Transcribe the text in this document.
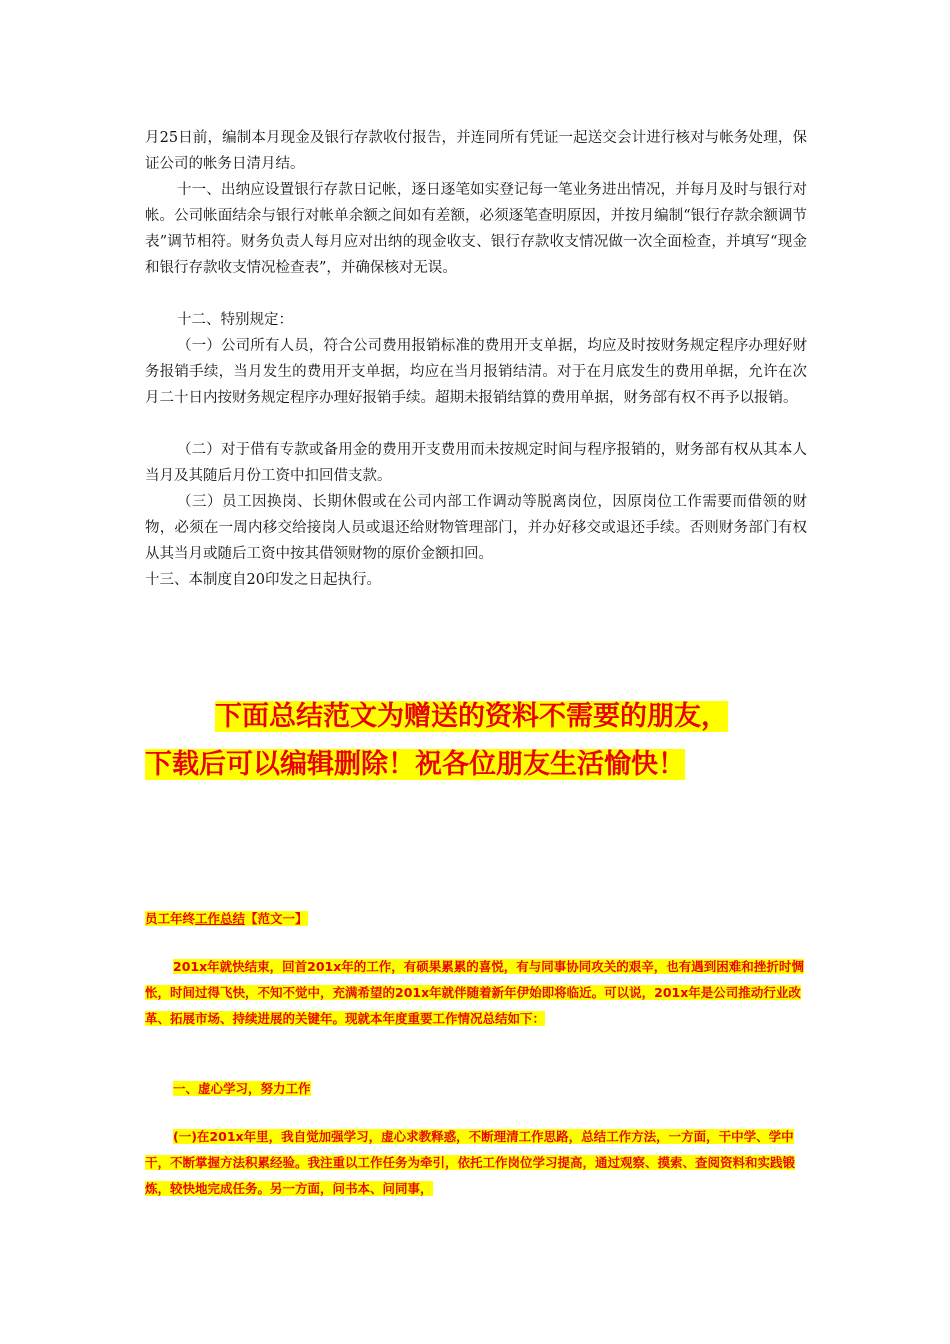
月25日前，编制本月现金及银行存款收付报告，并连同所有凭证一起送交会计进行核对与帐务处理，保证公司的帐务日清月结。

十一、出纳应设置银行存款日记帐，逐日逐笔如实登记每一笔业务进出情况，并每月及时与银行对帐。公司帐面结余与银行对帐单余额之间如有差额，必须逐笔查明原因，并按月编制“银行存款余额调节表”调节相符。财务负责人每月应对出纳的现金收支、银行存款收支情况做一次全面检查，并填写“现金和银行存款收支情况检查表”，并确保核对无误。

十二、特别规定：

（一）公司所有人员，符合公司费用报销标准的费用开支单据，均应及时按财务规定程序办理好财务报销手续，当月发生的费用开支单据，均应在当月报销结清。对于在月底发生的费用单据，允许在次月二十日内按财务规定程序办理好报销手续。超期未报销结算的费用单据，财务部有权不再予以报销。

（二）对于借有专款或备用金的费用开支费用而未按规定时间与程序报销的，财务部有权从其本人当月及其随后月份工资中扣回借支款。

（三）员工因换岗、长期休假或在公司内部工作调动等脱离岗位，因原岗位工作需要而借领的财物，必须在一周内移交给接岗人员或退还给财物管理部门，并办好移交或退还手续。否则财务部门有权从其当月或随后工资中按其借领财物的原价金额扣回。

十三、本制度自20印发之日起执行。

下面总结范文为赠送的资料不需要的朋友，

下载后可以编辑删除！祝各位朋友生活愉快！

员工年终工作总结【范文一】

201x年就快结束，回首201x年的工作，有硕果累累的喜悦，有与同事协同攻关的艰辛，也有遇到困难和挫折时惆怅，时间过得飞快，不知不觉中，充满希望的201x年就伴随着新年伊始即将临近。可以说，201x年是公司推动行业改革、拓展市场、持续进展的关键年。现就本年度重要工作情况总结如下：

一、虚心学习，努力工作

(一)在201x年里，我自觉加强学习，虚心求教释惑，不断理清工作思路，总结工作方法，一方面，干中学、学中干，不断掌握方法积累经验。我注重以工作任务为牵引，依托工作岗位学习提高，通过观察、摸索、查阅资料和实践锻炼，较快地完成任务。另一方面，问书本、问同事，
